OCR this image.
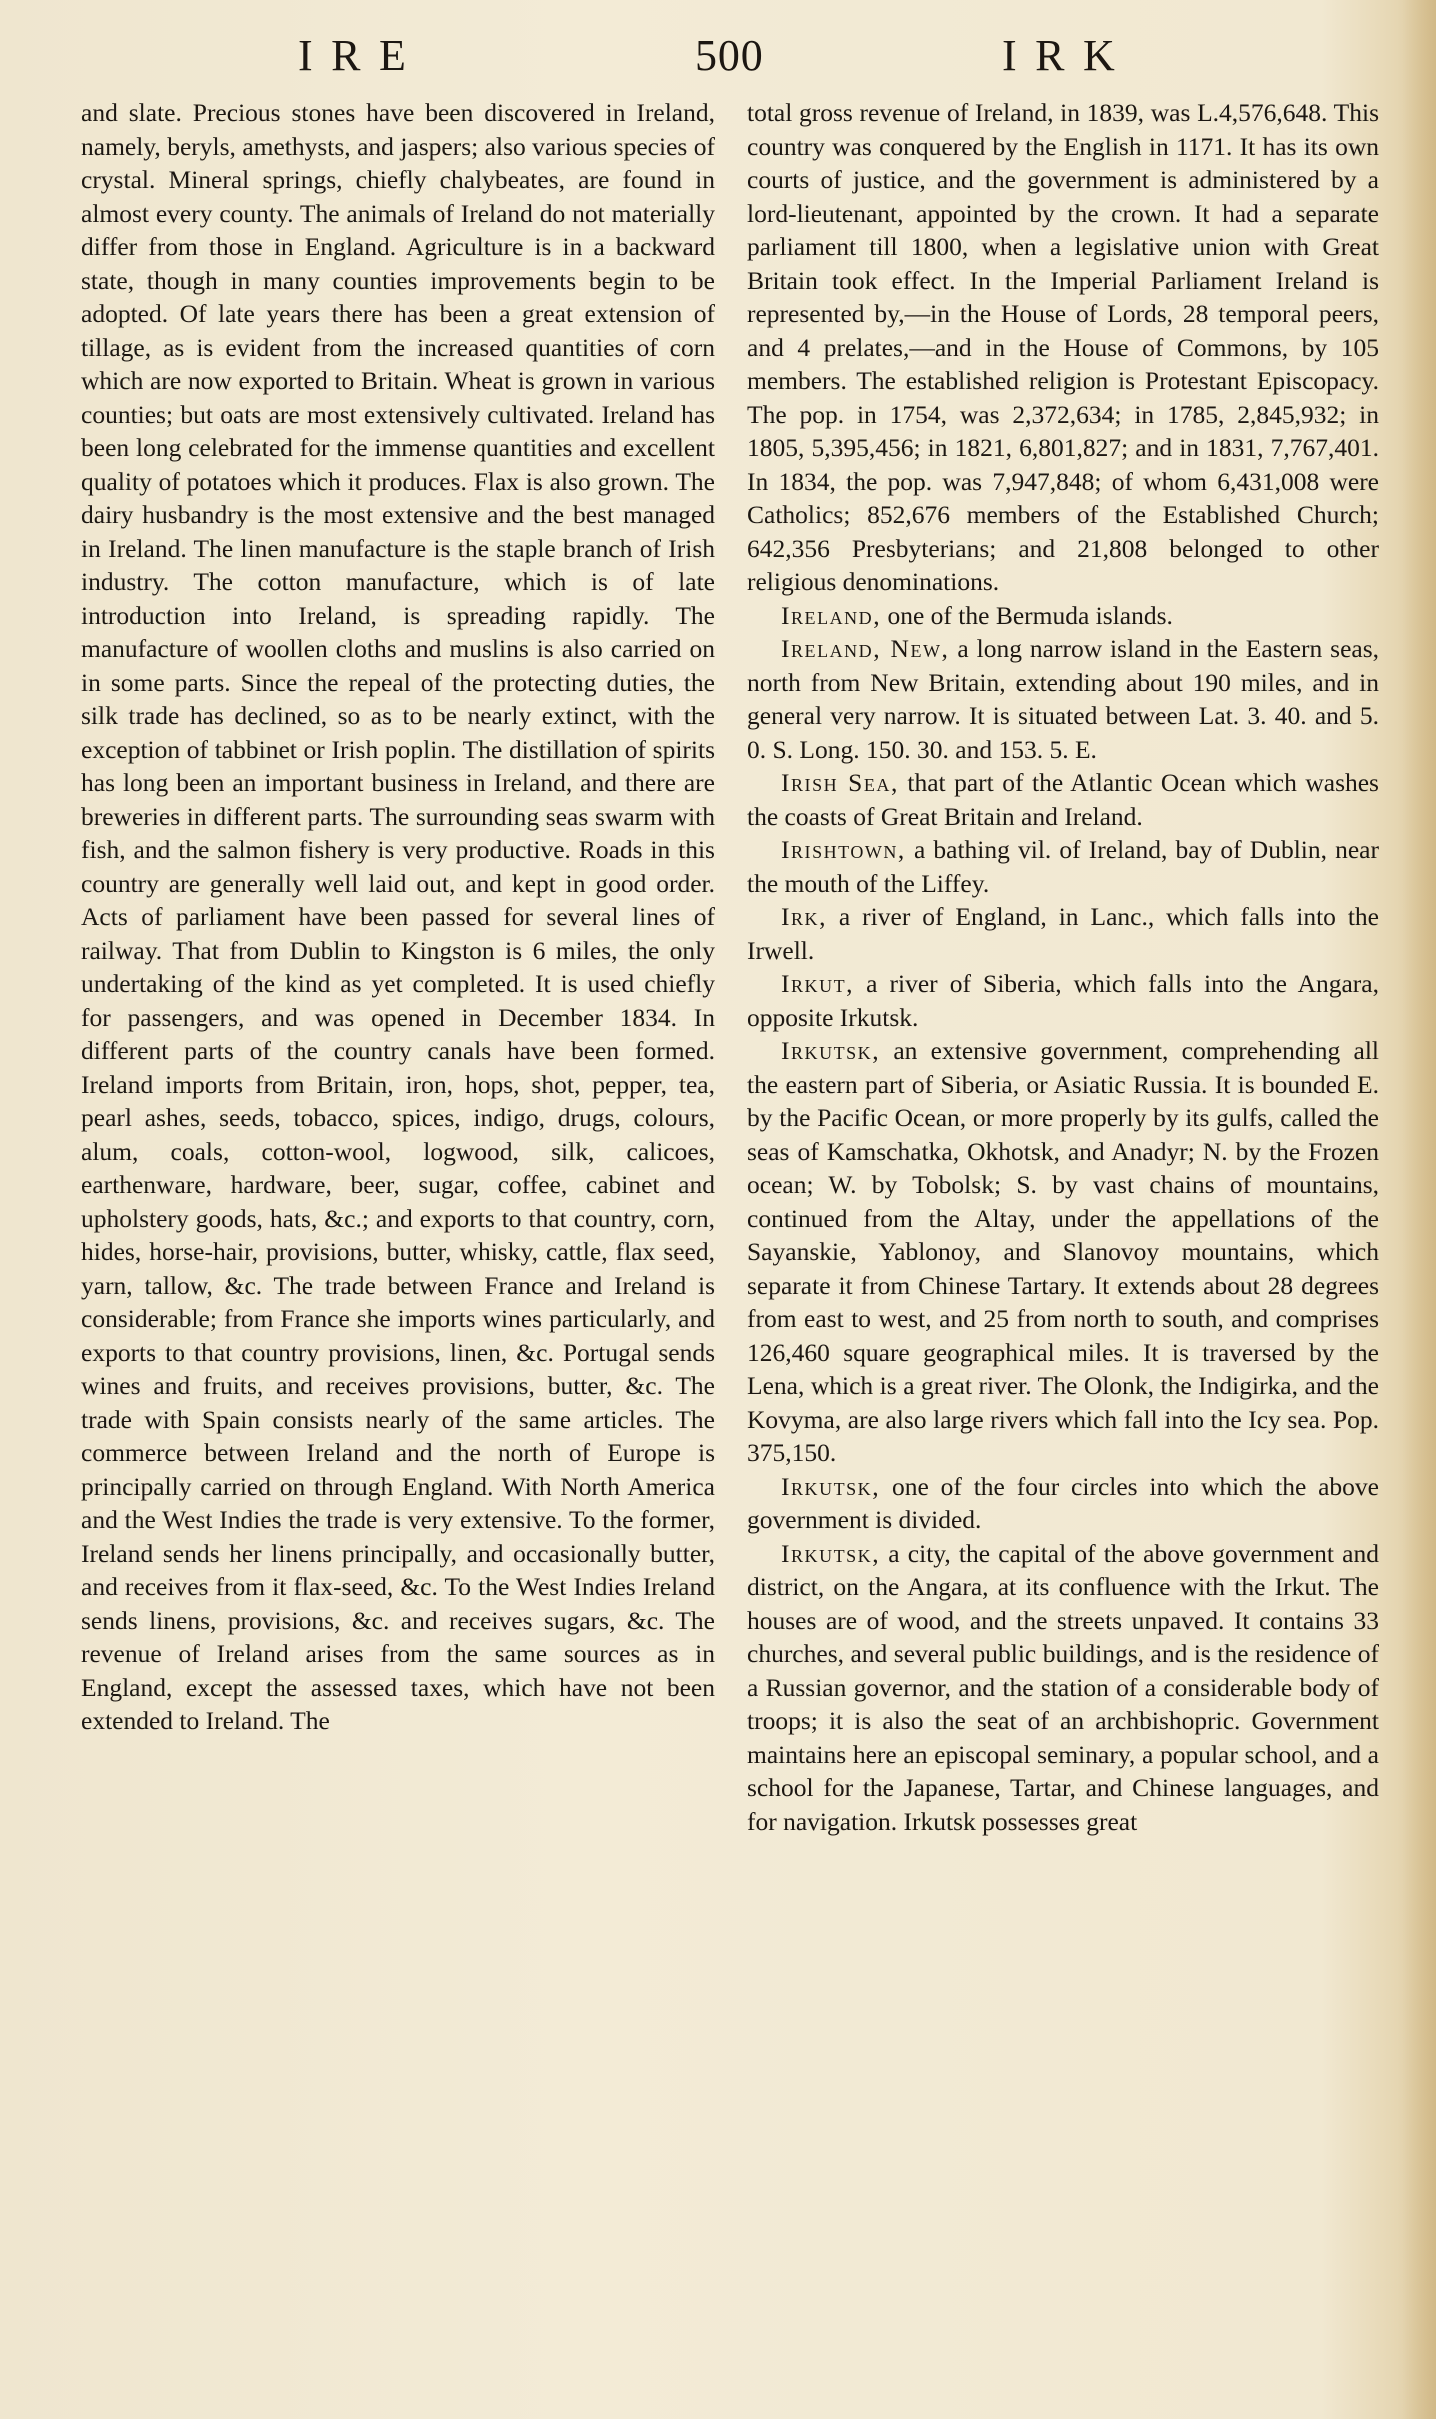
IRE	500	IRK

and slate. Precious stones have been discovered in Ireland, namely, beryls, amethysts, and jaspers; also various species of crystal. Mineral springs, chiefly chalybeates, are found in almost every county. The animals of Ireland do not materially differ from those in England. Agriculture is in a backward state, though in many counties improvements begin to be adopted. Of late years there has been a great extension of tillage, as is evident from the increased quantities of corn which are now exported to Britain. Wheat is grown in various counties; but oats are most extensively cultivated. Ireland has been long celebrated for the immense quantities and excellent quality of potatoes which it produces. Flax is also grown. The dairy husbandry is the most extensive and the best managed in Ireland. The linen manufacture is the staple branch of Irish industry. The cotton manufacture, which is of late introduction into Ireland, is spreading rapidly. The manufacture of woollen cloths and muslins is also carried on in some parts. Since the repeal of the protecting duties, the silk trade has declined, so as to be nearly extinct, with the exception of tabbinet or Irish poplin. The distillation of spirits has long been an important business in Ireland, and there are breweries in different parts. The surrounding seas swarm with fish, and the salmon fishery is very productive. Roads in this country are generally well laid out, and kept in good order. Acts of parliament have been passed for several lines of railway. That from Dublin to Kingston is 6 miles, the only undertaking of the kind as yet completed. It is used chiefly for passengers, and was opened in December 1834. In different parts of the country canals have been formed. Ireland imports from Britain, iron, hops, shot, pepper, tea, pearl ashes, seeds, tobacco, spices, indigo, drugs, colours, alum, coals, cotton-wool, logwood, silk, calicoes, earthenware, hardware, beer, sugar, coffee, cabinet and upholstery goods, hats, &c.; and exports to that country, corn, hides, horse-hair, provisions, butter, whisky, cattle, flax seed, yarn, tallow, &c. The trade between France and Ireland is considerable; from France she imports wines particularly, and exports to that country provisions, linen, &c. Portugal sends wines and fruits, and receives provisions, butter, &c. The trade with Spain consists nearly of the same articles. The commerce between Ireland and the north of Europe is principally carried on through England. With North America and the West Indies the trade is very extensive. To the former, Ireland sends her linens principally, and occasionally butter, and receives from it flax-seed, &c. To the West Indies Ireland sends linens, provisions, &c. and receives sugars, &c. The revenue of Ireland arises from the same sources as in England, except the assessed taxes, which have not been extended to Ireland. The

total gross revenue of Ireland, in 1839, was L.4,576,648. This country was conquered by the English in 1171. It has its own courts of justice, and the government is administered by a lord-lieutenant, appointed by the crown. It had a separate parliament till 1800, when a legislative union with Great Britain took effect. In the Imperial Parliament Ireland is represented by,—in the House of Lords, 28 temporal peers, and 4 prelates,—and in the House of Commons, by 105 members. The established religion is Protestant Episcopacy. The pop. in 1754, was 2,372,634; in 1785, 2,845,932; in 1805, 5,395,456; in 1821, 6,801,827; and in 1831, 7,767,401. In 1834, the pop. was 7,947,848; of whom 6,431,008 were Catholics; 852,676 members of the Established Church; 642,356 Presbyterians; and 21,808 belonged to other religious denominations.

Ireland, one of the Bermuda islands.

Ireland, New, a long narrow island in the Eastern seas, north from New Britain, extending about 190 miles, and in general very narrow. It is situated between Lat. 3. 40. and 5. 0. S. Long. 150. 30. and 153. 5. E.

Irish Sea, that part of the Atlantic Ocean which washes the coasts of Great Britain and Ireland.

Irishtown, a bathing vil. of Ireland, bay of Dublin, near the mouth of the Liffey.

Irk, a river of England, in Lanc., which falls into the Irwell.

Irkut, a river of Siberia, which falls into the Angara, opposite Irkutsk.

Irkutsk, an extensive government, comprehending all the eastern part of Siberia, or Asiatic Russia. It is bounded E. by the Pacific Ocean, or more properly by its gulfs, called the seas of Kamschatka, Okhotsk, and Anadyr; N. by the Frozen ocean; W. by Tobolsk; S. by vast chains of mountains, continued from the Altay, under the appellations of the Sayanskie, Yablonoy, and Slanovoy mountains, which separate it from Chinese Tartary. It extends about 28 degrees from east to west, and 25 from north to south, and comprises 126,460 square geographical miles. It is traversed by the Lena, which is a great river. The Olonk, the Indigirka, and the Kovyma, are also large rivers which fall into the Icy sea. Pop. 375,150.

Irkutsk, one of the four circles into which the above government is divided.

Irkutsk, a city, the capital of the above government and district, on the Angara, at its confluence with the Irkut. The houses are of wood, and the streets unpaved. It contains 33 churches, and several public buildings, and is the residence of a Russian governor, and the station of a considerable body of troops; it is also the seat of an archbishopric. Government maintains here an episcopal seminary, a popular school, and a school for the Japanese, Tartar, and Chinese languages, and for navigation. Irkutsk possesses great
